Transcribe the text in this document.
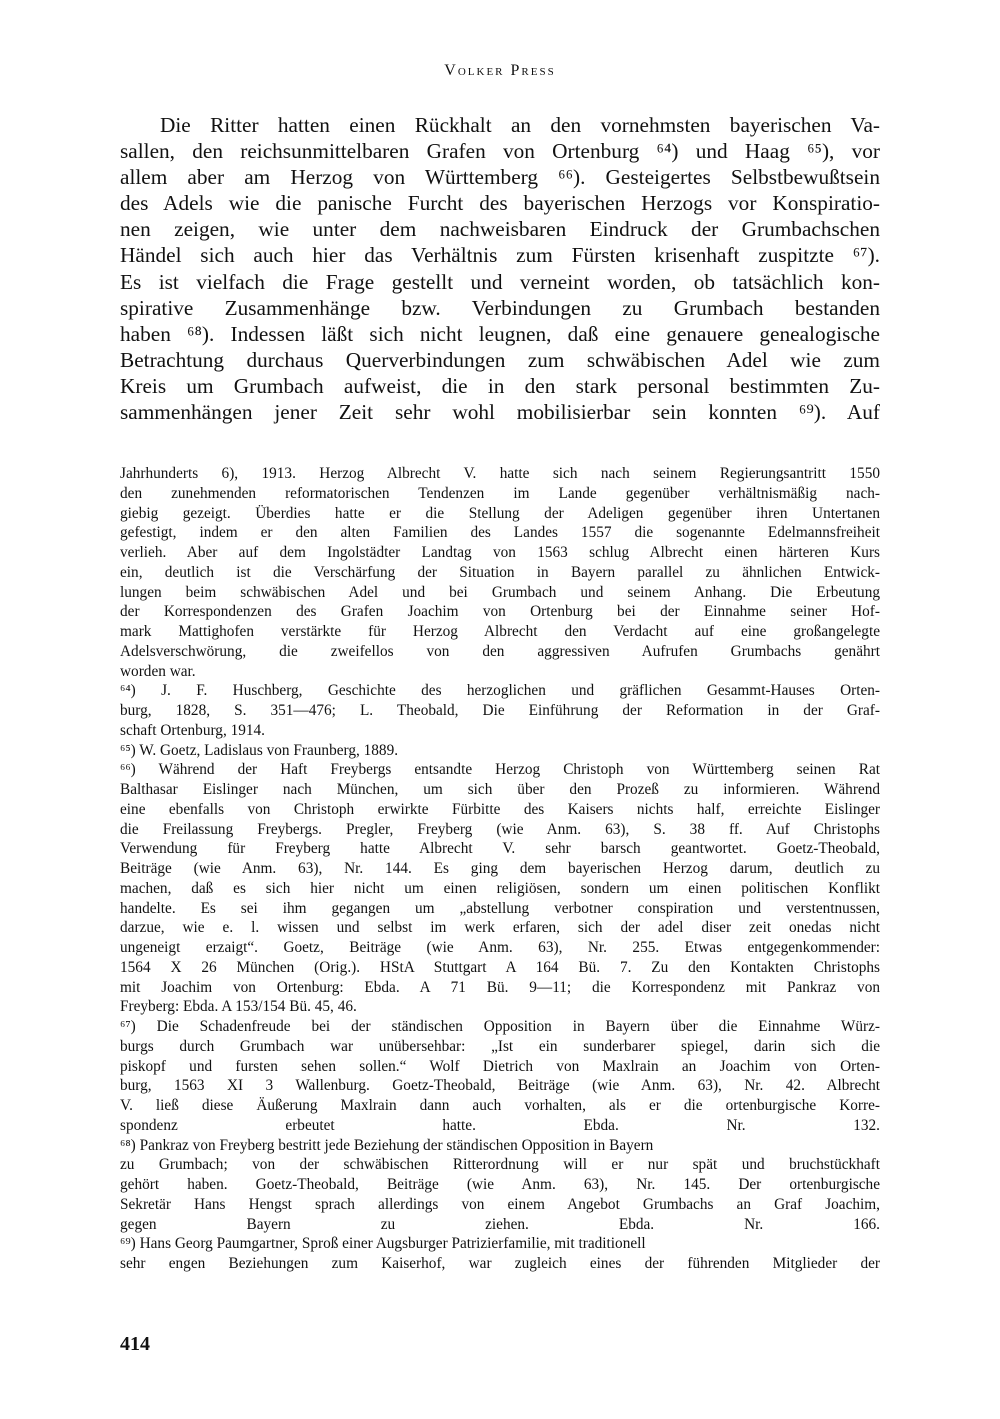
Volker Press
Die Ritter hatten einen Rückhalt an den vornehmsten bayerischen Va-
sallen, den reichsunmittelbaren Grafen von Ortenburg ⁶⁴) und Haag ⁶⁵), vor
allem aber am Herzog von Württemberg ⁶⁶). Gesteigertes Selbstbewußtsein
des Adels wie die panische Furcht des bayerischen Herzogs vor Konspiratio-
nen zeigen, wie unter dem nachweisbaren Eindruck der Grumbachschen
Händel sich auch hier das Verhältnis zum Fürsten krisenhaft zuspitzte ⁶⁷).
Es ist vielfach die Frage gestellt und verneint worden, ob tatsächlich kon-
spirative Zusammenhänge bzw. Verbindungen zu Grumbach bestanden
haben ⁶⁸). Indessen läßt sich nicht leugnen, daß eine genauere genealogische
Betrachtung durchaus Querverbindungen zum schwäbischen Adel wie zum
Kreis um Grumbach aufweist, die in den stark personal bestimmten Zu-
sammenhängen jener Zeit sehr wohl mobilisierbar sein konnten ⁶⁹). Auf
Jahrhunderts 6), 1913. Herzog Albrecht V. hatte sich nach seinem Regierungsantritt 1550
den zunehmenden reformatorischen Tendenzen im Lande gegenüber verhältnismäßig nach-
giebig gezeigt. Überdies hatte er die Stellung der Adeligen gegenüber ihren Untertanen
gefestigt, indem er den alten Familien des Landes 1557 die sogenannte Edelmannsfreiheit
verlieh. Aber auf dem Ingolstädter Landtag von 1563 schlug Albrecht einen härteren Kurs
ein, deutlich ist die Verschärfung der Situation in Bayern parallel zu ähnlichen Entwick-
lungen beim schwäbischen Adel und bei Grumbach und seinem Anhang. Die Erbeutung
der Korrespondenzen des Grafen Joachim von Ortenburg bei der Einnahme seiner Hof-
mark Mattighofen verstärkte für Herzog Albrecht den Verdacht auf eine großangelegte
Adelsverschwörung, die zweifellos von den aggressiven Aufrufen Grumbachs genährt
worden war.
⁶⁴) J. F. Huschberg, Geschichte des herzoglichen und gräflichen Gesammt-Hauses Orten-
burg, 1828, S. 351—476; L. Theobald, Die Einführung der Reformation in der Graf-
schaft Ortenburg, 1914.
⁶⁵) W. Goetz, Ladislaus von Fraunberg, 1889.
⁶⁶) Während der Haft Freybergs entsandte Herzog Christoph von Württemberg seinen Rat
Balthasar Eislinger nach München, um sich über den Prozeß zu informieren. Während
eine ebenfalls von Christoph erwirkte Fürbitte des Kaisers nichts half, erreichte Eislinger
die Freilassung Freybergs. Pregler, Freyberg (wie Anm. 63), S. 38 ff. Auf Christophs
Verwendung für Freyberg hatte Albrecht V. sehr barsch geantwortet. Goetz-Theobald,
Beiträge (wie Anm. 63), Nr. 144. Es ging dem bayerischen Herzog darum, deutlich zu
machen, daß es sich hier nicht um einen religiösen, sondern um einen politischen Konflikt
handelte. Es sei ihm gegangen um „abstellung verbotner conspiration und verstentnussen,
darzue, wie e. l. wissen und selbst im werk erfaren, sich der adel diser zeit onedas nicht
ungeneigt erzaigt“. Goetz, Beiträge (wie Anm. 63), Nr. 255. Etwas entgegenkommender:
1564 X 26 München (Orig.). HStA Stuttgart A 164 Bü. 7. Zu den Kontakten Christophs
mit Joachim von Ortenburg: Ebda. A 71 Bü. 9—11; die Korrespondenz mit Pankraz von
Freyberg: Ebda. A 153/154 Bü. 45, 46.
⁶⁷) Die Schadenfreude bei der ständischen Opposition in Bayern über die Einnahme Würz-
burgs durch Grumbach war unübersehbar: „Ist ein sunderbarer spiegel, darin sich die
piskopf und fursten sehen sollen.“ Wolf Dietrich von Maxlrain an Joachim von Orten-
burg, 1563 XI 3 Wallenburg. Goetz-Theobald, Beiträge (wie Anm. 63), Nr. 42. Albrecht
V. ließ diese Äußerung Maxlrain dann auch vorhalten, als er die ortenburgische Korre-
spondenz erbeutet hatte. Ebda. Nr. 132.
⁶⁸) Pankraz von Freyberg bestritt jede Beziehung der ständischen Opposition in Bayern
zu Grumbach; von der schwäbischen Ritterordnung will er nur spät und bruchstückhaft
gehört haben. Goetz-Theobald, Beiträge (wie Anm. 63), Nr. 145. Der ortenburgische
Sekretär Hans Hengst sprach allerdings von einem Angebot Grumbachs an Graf Joachim,
gegen Bayern zu ziehen. Ebda. Nr. 166.
⁶⁹) Hans Georg Paumgartner, Sproß einer Augsburger Patrizierfamilie, mit traditionell
sehr engen Beziehungen zum Kaiserhof, war zugleich eines der führenden Mitglieder der
414
